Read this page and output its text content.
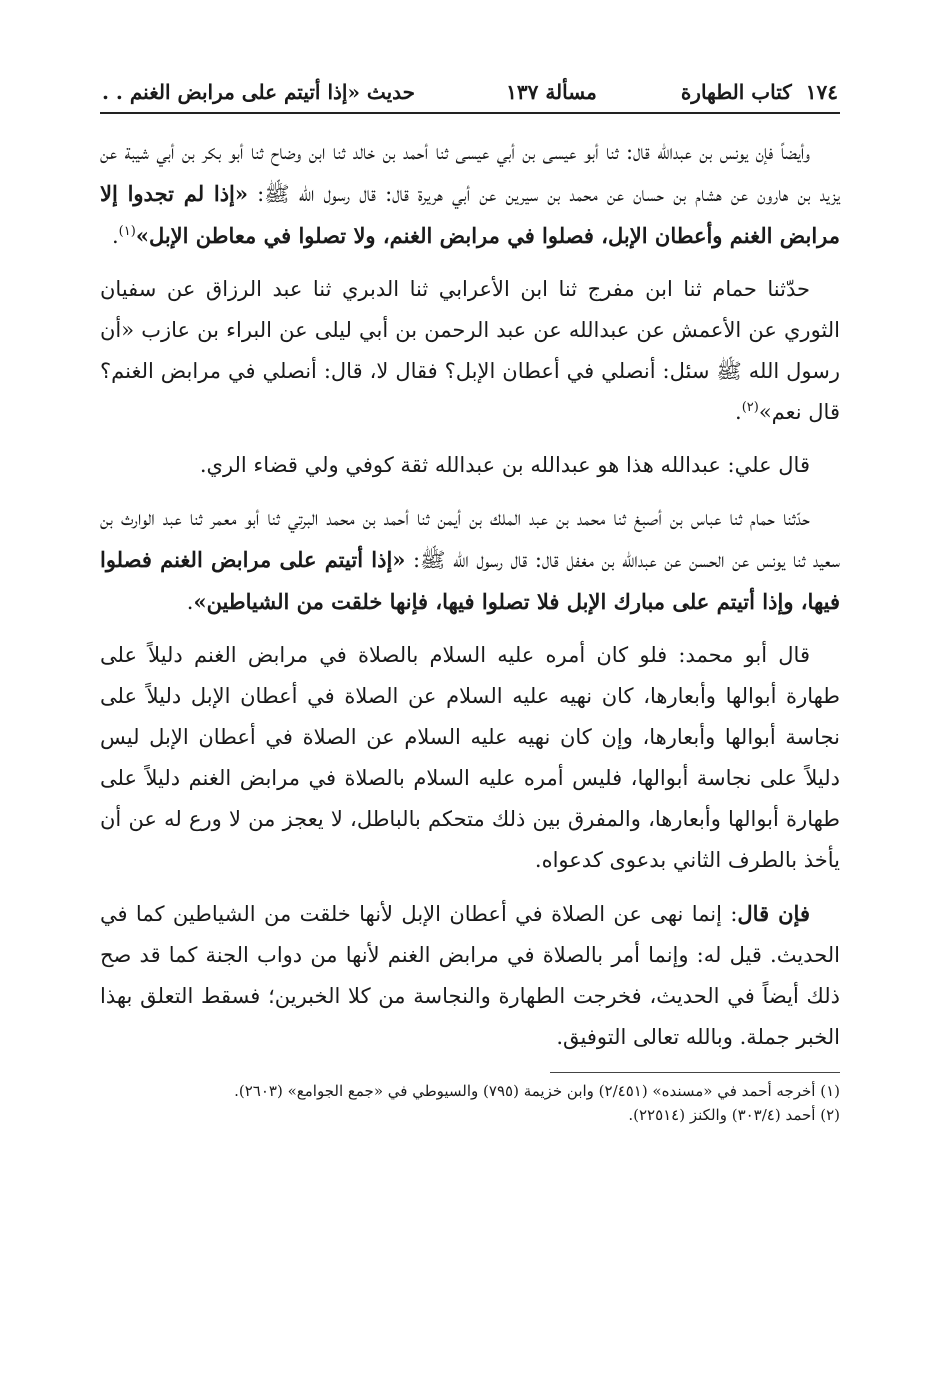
١٧٤
كتاب الطهارة
مسألة ١٣٧
حديث «إذا أتيتم على مرابض الغنم . .

وأيضاً فإن يونس بن عبدالله قال: ثنا أبو عيسى بن أبي عيسى ثنا أحمد بن خالد ثنا ابن وضاح ثنا أبو بكر بن أبي شيبة عن يزيد بن هارون عن هشام بن حسان عن محمد بن سيرين عن أبي هريرة قال: قال رسول الله ﷺ: «إذا لم تجدوا إلا مرابض الغنم وأعطان الإبل، فصلوا في مرابض الغنم، ولا تصلوا في معاطن الإبل»$^{(١)}$.

حدّثنا حمام ثنا ابن مفرج ثنا ابن الأعرابي ثنا الدبري ثنا عبد الرزاق عن سفيان الثوري عن الأعمش عن عبدالله عن عبد الرحمن بن أبي ليلى عن البراء بن عازب «أن رسول الله ﷺ سئل: أنصلي في أعطان الإبل؟ فقال لا، قال: أنصلي في مرابض الغنم؟ قال نعم»$^{(٢)}$.

قال علي: عبدالله هذا هو عبدالله بن عبدالله ثقة كوفي ولي قضاء الري.

حدّثنا حمام ثنا عباس بن أصبغ ثنا محمد بن عبد الملك بن أيمن ثنا أحمد بن محمد البرتي ثنا أبو معمر ثنا عبد الوارث بن سعيد ثنا يونس عن الحسن عن عبدالله بن مغفل قال: قال رسول الله ﷺ: «إذا أتيتم على مرابض الغنم فصلوا فيها، وإذا أتيتم على مبارك الإبل فلا تصلوا فيها، فإنها خلقت من الشياطين».

قال أبو محمد: فلو كان أمره عليه السلام بالصلاة في مرابض الغنم دليلاً على طهارة أبوالها وأبعارها، كان نهيه عليه السلام عن الصلاة في أعطان الإبل دليلاً على نجاسة أبوالها وأبعارها، وإن كان نهيه عليه السلام عن الصلاة في أعطان الإبل ليس دليلاً على نجاسة أبوالها، فليس أمره عليه السلام بالصلاة في مرابض الغنم دليلاً على طهارة أبوالها وأبعارها، والمفرق بين ذلك متحكم بالباطل، لا يعجز من لا ورع له عن أن يأخذ بالطرف الثاني بدعوى كدعواه.

فإن قال: إنما نهى عن الصلاة في أعطان الإبل لأنها خلقت من الشياطين كما في الحديث. قيل له: وإنما أمر بالصلاة في مرابض الغنم لأنها من دواب الجنة كما قد صح ذلك أيضاً في الحديث، فخرجت الطهارة والنجاسة من كلا الخبرين؛ فسقط التعلق بهذا الخبر جملة. وبالله تعالى التوفيق.

(١) أخرجه أحمد في «مسنده» (٢/٤٥١) وابن خزيمة (٧٩٥) والسيوطي في «جمع الجوامع» (٢٦٠٣).

(٢) أحمد (٣٠٣/٤) والكنز (٢٢٥١٤).
